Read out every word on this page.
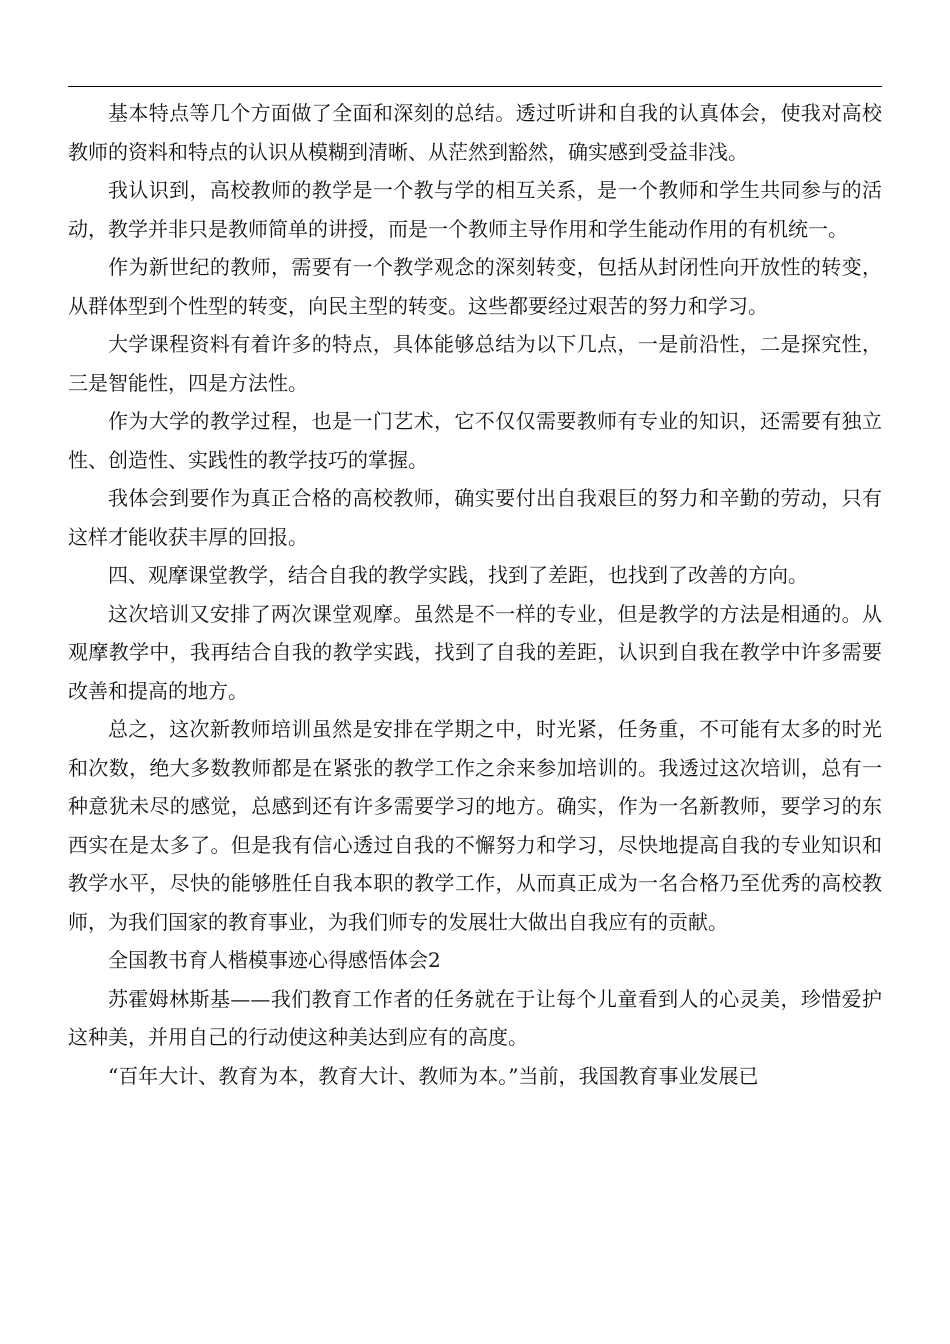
基本特点等几个方面做了全面和深刻的总结。透过听讲和自我的认真体会，使我对高校教师的资料和特点的认识从模糊到清晰、从茫然到豁然，确实感到受益非浅。

我认识到，高校教师的教学是一个教与学的相互关系，是一个教师和学生共同参与的活动，教学并非只是教师简单的讲授，而是一个教师主导作用和学生能动作用的有机统一。

作为新世纪的教师，需要有一个教学观念的深刻转变，包括从封闭性向开放性的转变，从群体型到个性型的转变，向民主型的转变。这些都要经过艰苦的努力和学习。

大学课程资料有着许多的特点，具体能够总结为以下几点，一是前沿性，二是探究性，三是智能性，四是方法性。

作为大学的教学过程，也是一门艺术，它不仅仅需要教师有专业的知识，还需要有独立性、创造性、实践性的教学技巧的掌握。

我体会到要作为真正合格的高校教师，确实要付出自我艰巨的努力和辛勤的劳动，只有这样才能收获丰厚的回报。

四、观摩课堂教学，结合自我的教学实践，找到了差距，也找到了改善的方向。

这次培训又安排了两次课堂观摩。虽然是不一样的专业，但是教学的方法是相通的。从观摩教学中，我再结合自我的教学实践，找到了自我的差距，认识到自我在教学中许多需要改善和提高的地方。

总之，这次新教师培训虽然是安排在学期之中，时光紧，任务重，不可能有太多的时光和次数，绝大多数教师都是在紧张的教学工作之余来参加培训的。我透过这次培训，总有一种意犹未尽的感觉，总感到还有许多需要学习的地方。确实，作为一名新教师，要学习的东西实在是太多了。但是我有信心透过自我的不懈努力和学习，尽快地提高自我的专业知识和教学水平，尽快的能够胜任自我本职的教学工作，从而真正成为一名合格乃至优秀的高校教师，为我们国家的教育事业，为我们师专的发展壮大做出自我应有的贡献。

全国教书育人楷模事迹心得感悟体会2

苏霍姆林斯基——我们教育工作者的任务就在于让每个儿童看到人的心灵美，珍惜爱护这种美，并用自己的行动使这种美达到应有的高度。

“百年大计、教育为本，教育大计、教师为本。”当前，我国教育事业发展已
